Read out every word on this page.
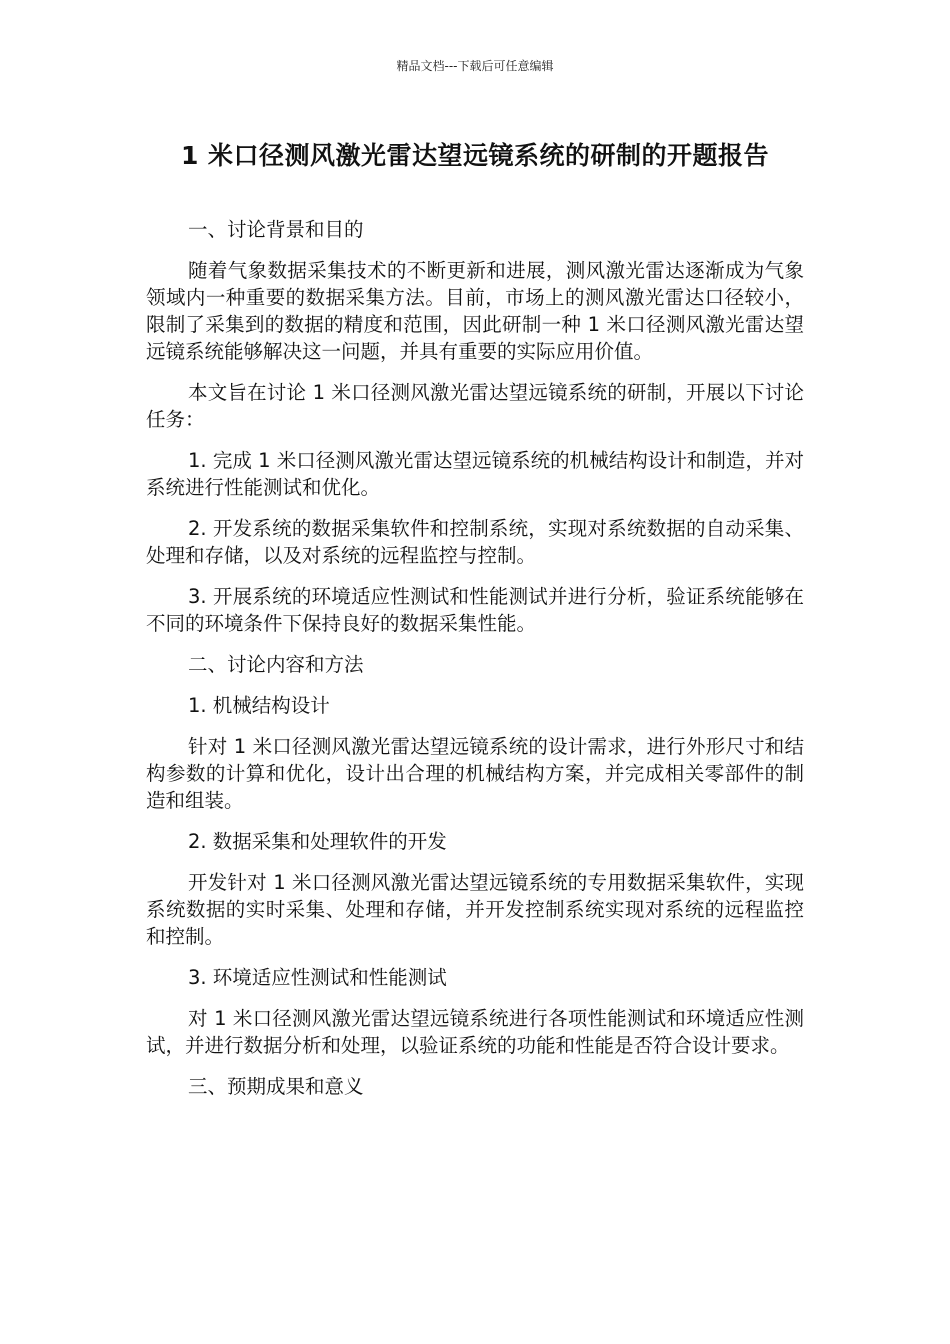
精品文档---下载后可任意编辑
1 米口径测风激光雷达望远镜系统的研制的开题报告

一、讨论背景和目的

随着气象数据采集技术的不断更新和进展，测风激光雷达逐渐成为气象领域内一种重要的数据采集方法。目前，市场上的测风激光雷达口径较小，限制了采集到的数据的精度和范围，因此研制一种 1 米口径测风激光雷达望远镜系统能够解决这一问题，并具有重要的实际应用价值。

本文旨在讨论 1 米口径测风激光雷达望远镜系统的研制，开展以下讨论任务：

1. 完成 1 米口径测风激光雷达望远镜系统的机械结构设计和制造，并对系统进行性能测试和优化。

2. 开发系统的数据采集软件和控制系统，实现对系统数据的自动采集、处理和存储，以及对系统的远程监控与控制。

3. 开展系统的环境适应性测试和性能测试并进行分析，验证系统能够在不同的环境条件下保持良好的数据采集性能。

二、讨论内容和方法

1. 机械结构设计

针对 1 米口径测风激光雷达望远镜系统的设计需求，进行外形尺寸和结构参数的计算和优化，设计出合理的机械结构方案，并完成相关零部件的制造和组装。

2. 数据采集和处理软件的开发

开发针对 1 米口径测风激光雷达望远镜系统的专用数据采集软件，实现系统数据的实时采集、处理和存储，并开发控制系统实现对系统的远程监控和控制。

3. 环境适应性测试和性能测试

对 1 米口径测风激光雷达望远镜系统进行各项性能测试和环境适应性测试，并进行数据分析和处理，以验证系统的功能和性能是否符合设计要求。

三、预期成果和意义
